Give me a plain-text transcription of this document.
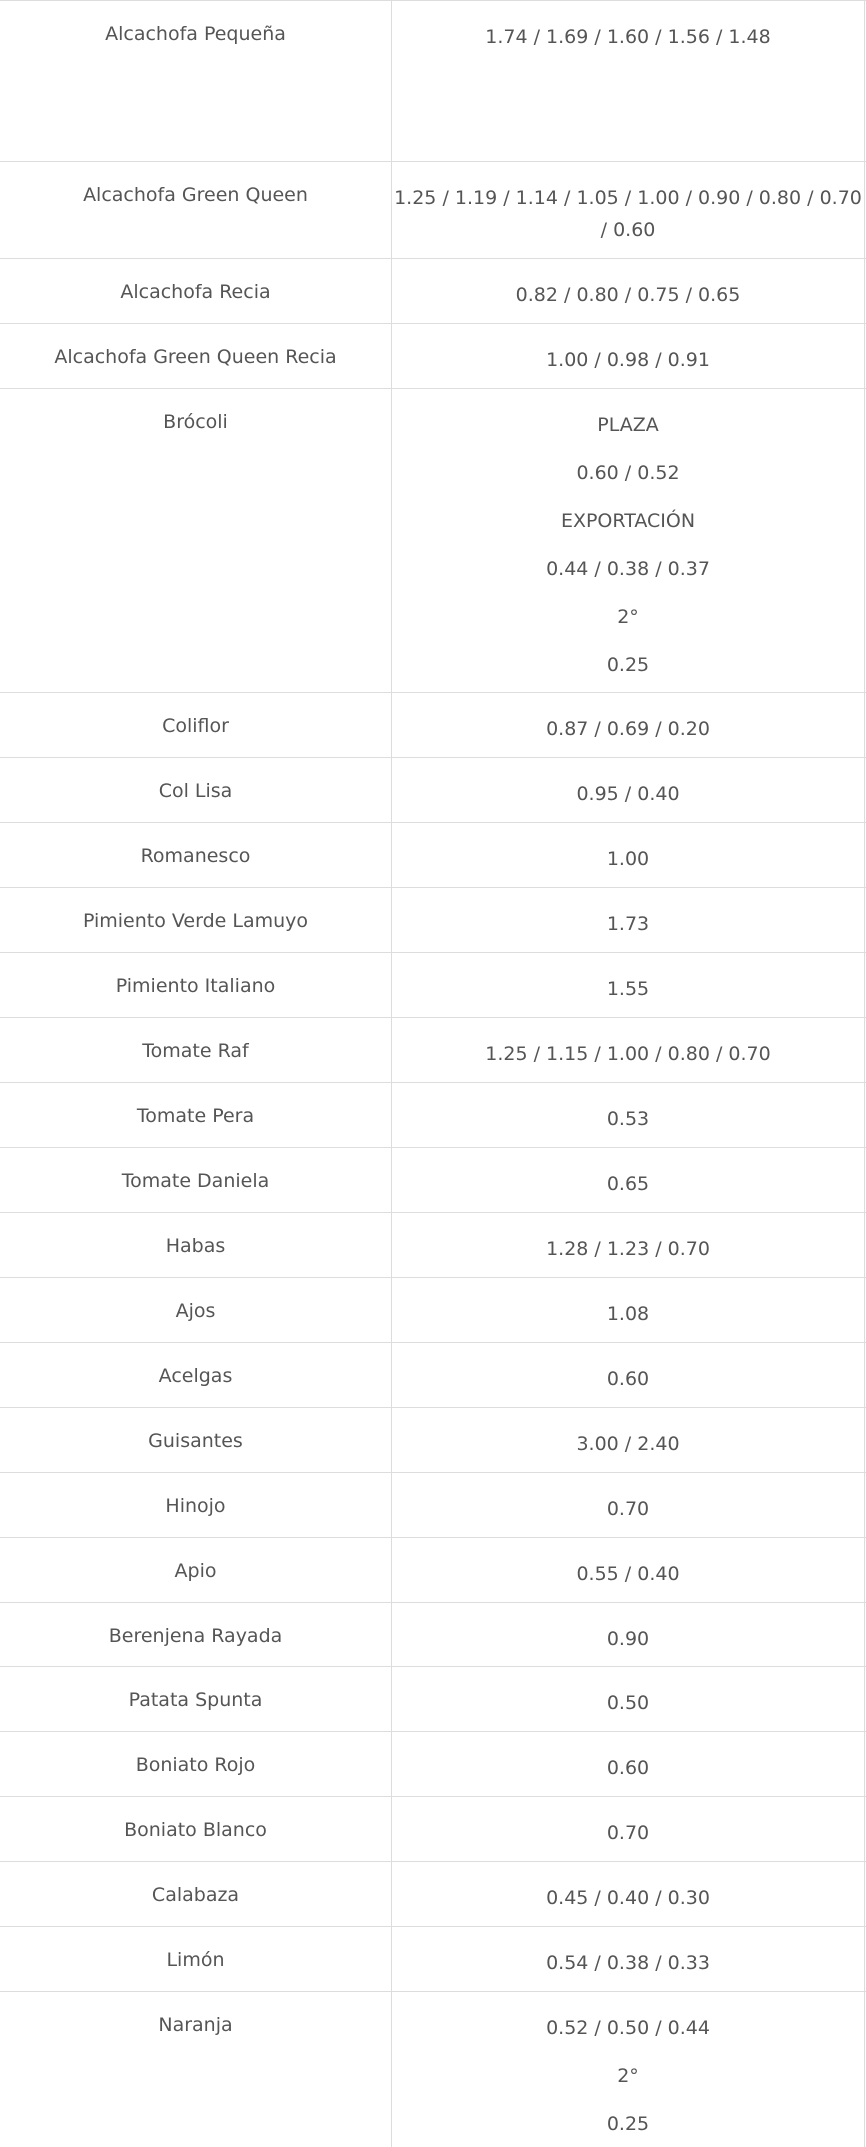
Alcachofa Pequeña	1.74 / 1.69 / 1.60 / 1.56 / 1.48
Alcachofa Green Queen	1.25 / 1.19 / 1.14 / 1.05 / 1.00 / 0.90 / 0.80 / 0.70
/ 0.60
Alcachofa Recia	0.82 / 0.80 / 0.75 / 0.65
Alcachofa Green Queen Recia	1.00 / 0.98 / 0.91
Brócoli	PLAZA
0.60 / 0.52
EXPORTACIÓN
0.44 / 0.38 / 0.37
2°
0.25
Coliflor	0.87 / 0.69 / 0.20
Col Lisa	0.95 / 0.40
Romanesco	1.00
Pimiento Verde Lamuyo	1.73
Pimiento Italiano	1.55
Tomate Raf	1.25 / 1.15 / 1.00 / 0.80 / 0.70
Tomate Pera	0.53
Tomate Daniela	0.65
Habas	1.28 / 1.23 / 0.70
Ajos	1.08
Acelgas	0.60
Guisantes	3.00 / 2.40
Hinojo	0.70
Apio	0.55 / 0.40
Berenjena Rayada	0.90
Patata Spunta	0.50
Boniato Rojo	0.60
Boniato Blanco	0.70
Calabaza	0.45 / 0.40 / 0.30
Limón	0.54 / 0.38 / 0.33
Naranja	0.52 / 0.50 / 0.44
2°
0.25
